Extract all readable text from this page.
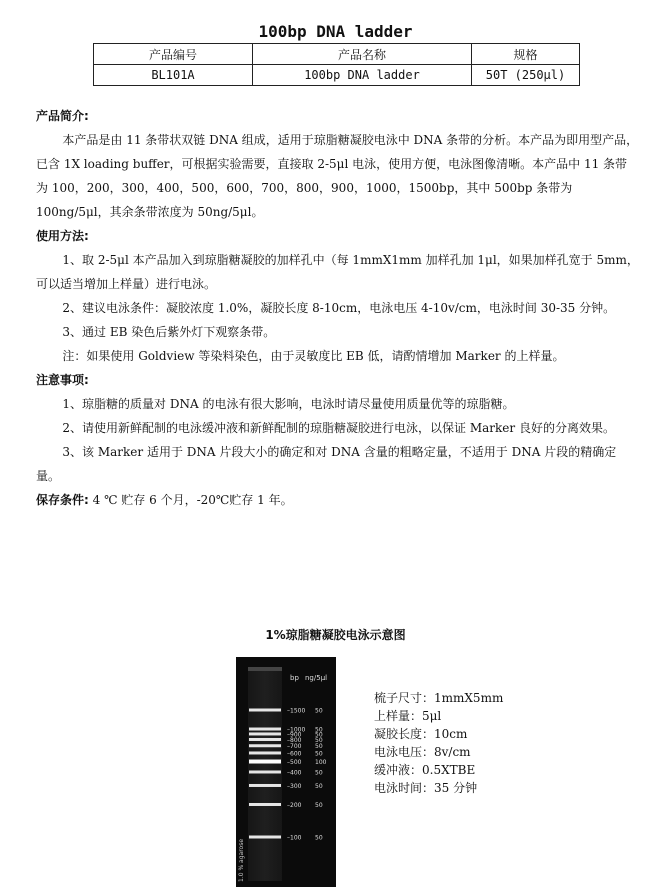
100bp DNA ladder
产品编号	产品名称	规格
BL101A	100bp DNA ladder	50T (250μl)

产品简介:

本产品是由 11 条带状双链 DNA 组成，适用于琼脂糖凝胶电泳中 DNA 条带的分析。本产品为即用型产品，已含 1X loading buffer，可根据实验需要，直接取 2-5μl 电泳，使用方便，电泳图像清晰。本产品中 11 条带为 100，200，300，400，500，600，700，800，900，1000，1500bp，其中 500bp 条带为 100ng/5μl，其余条带浓度为 50ng/5μl。

使用方法:

1、取 2-5μl 本产品加入到琼脂糖凝胶的加样孔中（每 1mmX1mm 加样孔加 1μl，如果加样孔宽于 5mm，可以适当增加上样量）进行电泳。

2、建议电泳条件：凝胶浓度 1.0%，凝胶长度 8-10cm，电泳电压 4-10v/cm，电泳时间 30-35 分钟。

3、通过 EB 染色后紫外灯下观察条带。

注：如果使用 Goldview 等染料染色，由于灵敏度比 EB 低，请酌情增加 Marker 的上样量。

注意事项:

1、琼脂糖的质量对 DNA 的电泳有很大影响，电泳时请尽量使用质量优等的琼脂糖。

2、请使用新鲜配制的电泳缓冲液和新鲜配制的琼脂糖凝胶进行电泳，以保证 Marker 良好的分离效果。

3、该 Marker 适用于 DNA 片段大小的确定和对 DNA 含量的粗略定量，不适用于 DNA 片段的精确定量。

保存条件: 4 ℃ 贮存 6 个月，-20℃贮存 1 年。

1%琼脂糖凝胶电泳示意图
–1500 50
–1000 50
–900 50
–800 50
–700 50
–600 50
–500 100
–400 50
–300 50
–200 50
–100 50
bp ng/5μl
1.0 % agarose
梳子尺寸：1mmX5mm
上样量：5μl
凝胶长度：10cm
电泳电压：8v/cm
缓冲液：0.5XTBE
电泳时间：35 分钟
